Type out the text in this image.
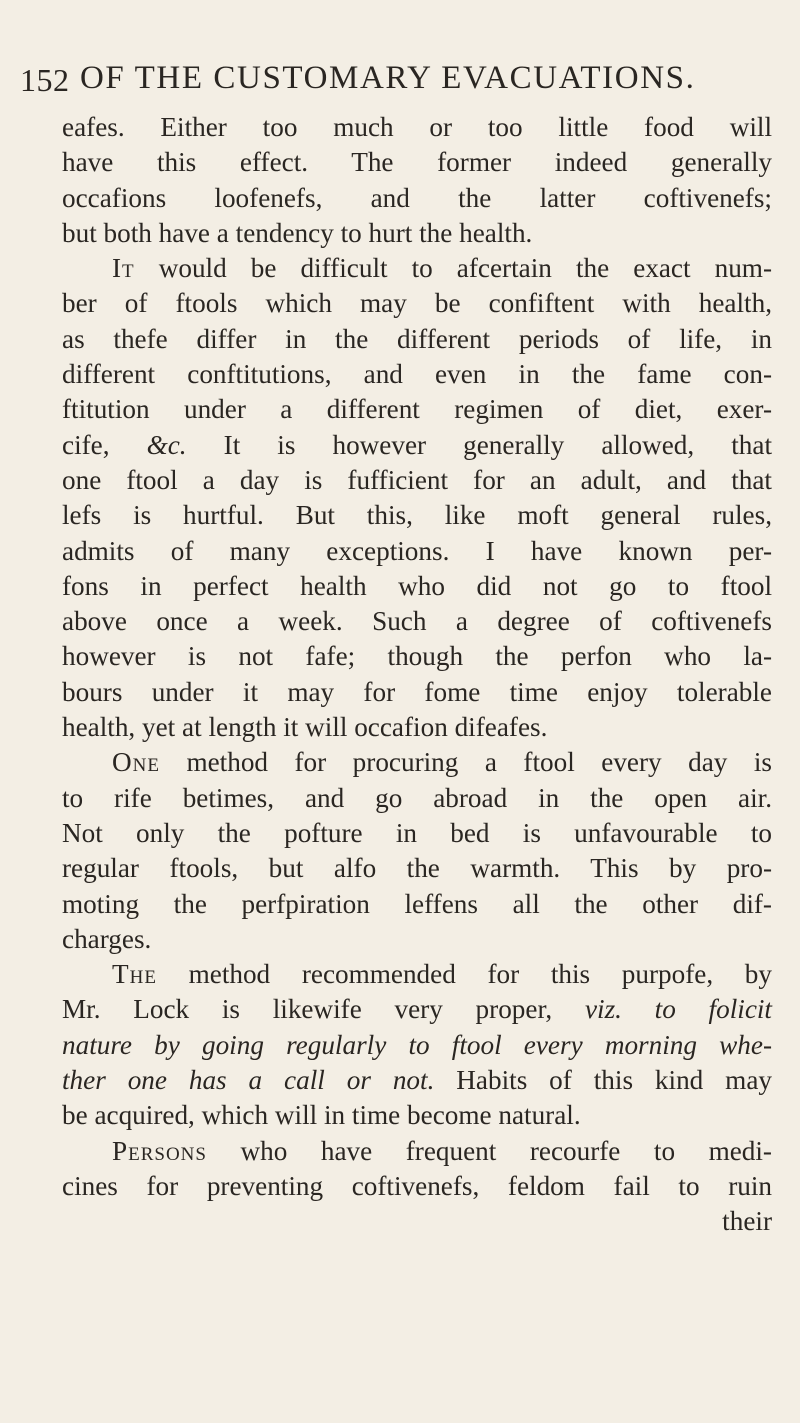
152 OF THE CUSTOMARY EVACUATIONS.
eafes. Either too much or too little food will
have this effect. The former indeed generally
occafions loofenefs, and the latter coftivenefs;
but both have a tendency to hurt the health.
It would be difficult to afcertain the exact num-
ber of ftools which may be confiftent with health,
as thefe differ in the different periods of life, in
different conftitutions, and even in the fame con-
ftitution under a different regimen of diet, exer-
cife, &c. It is however generally allowed, that
one ftool a day is fufficient for an adult, and that
lefs is hurtful. But this, like moft general rules,
admits of many exceptions. I have known per-
fons in perfect health who did not go to ftool
above once a week. Such a degree of coftivenefs
however is not fafe; though the perfon who la-
bours under it may for fome time enjoy tolerable
health, yet at length it will occafion difeafes.
One method for procuring a ftool every day is
to rife betimes, and go abroad in the open air.
Not only the pofture in bed is unfavourable to
regular ftools, but alfo the warmth. This by pro-
moting the perfpiration leffens all the other dif-
charges.
The method recommended for this purpofe, by
Mr. Lock is likewife very proper, viz. to folicit
nature by going regularly to ftool every morning whe-
ther one has a call or not. Habits of this kind may
be acquired, which will in time become natural.
Persons who have frequent recourfe to medi-
cines for preventing coftivenefs, feldom fail to ruin
their
